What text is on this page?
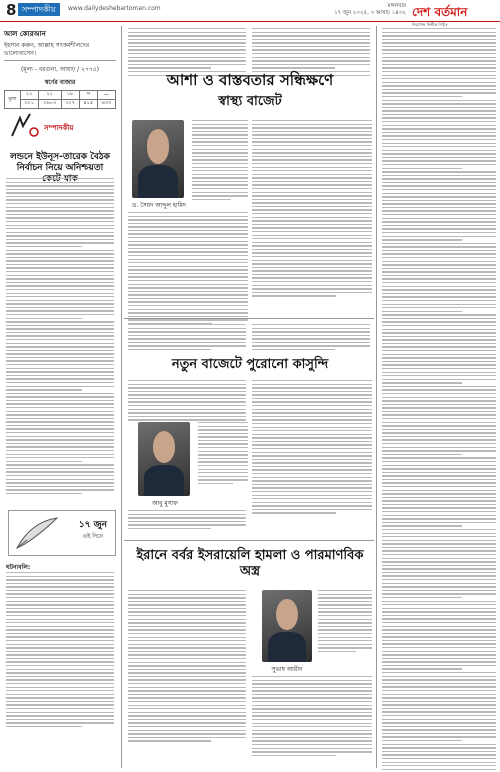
8 সম্পাদকীয়	www.dailydeshebartoman.com	মঙ্গলবার
১৭ জুন ২০২৫, ৩ আষাঢ় ১৪৩২ দেশ বর্তমান
নিরপেক্ষ নির্ভীক নিখুঁত
আল কোরআন
ইহসান করুন, আল্লাহ সৎকর্মশীলদের ভালোবাসেন।
(মূল্য - বরগুনা, আষাঢ় / ২৭৭৫)
স্বর্ণের বাজার
মূল্য	২২	২১	১৮	স	—
	৩২১	২৬০৩	৩২৭	৪১৫	৬৩৩
সম্পাদকীয়
লন্ডনে ইউনূস-তারেক বৈঠক নির্বাচন নিয়ে অনিশ্চয়তা
১৭ জুন
এই দিনে
ঘটনাবলি:
আশা ও বাস্তবতার সন্ধিক্ষণে
স্বাস্থ্য বাজেট
ড. সৈয়দ আব্দুল হামিদ
নতুন বাজেটে পুরোনো কাসুন্দি
আবু মুসাফ
ইরানে বর্বর ইসরায়েলি হামলা ও পারমাণবিক অস্ত্র
সুভাষ আরীন
